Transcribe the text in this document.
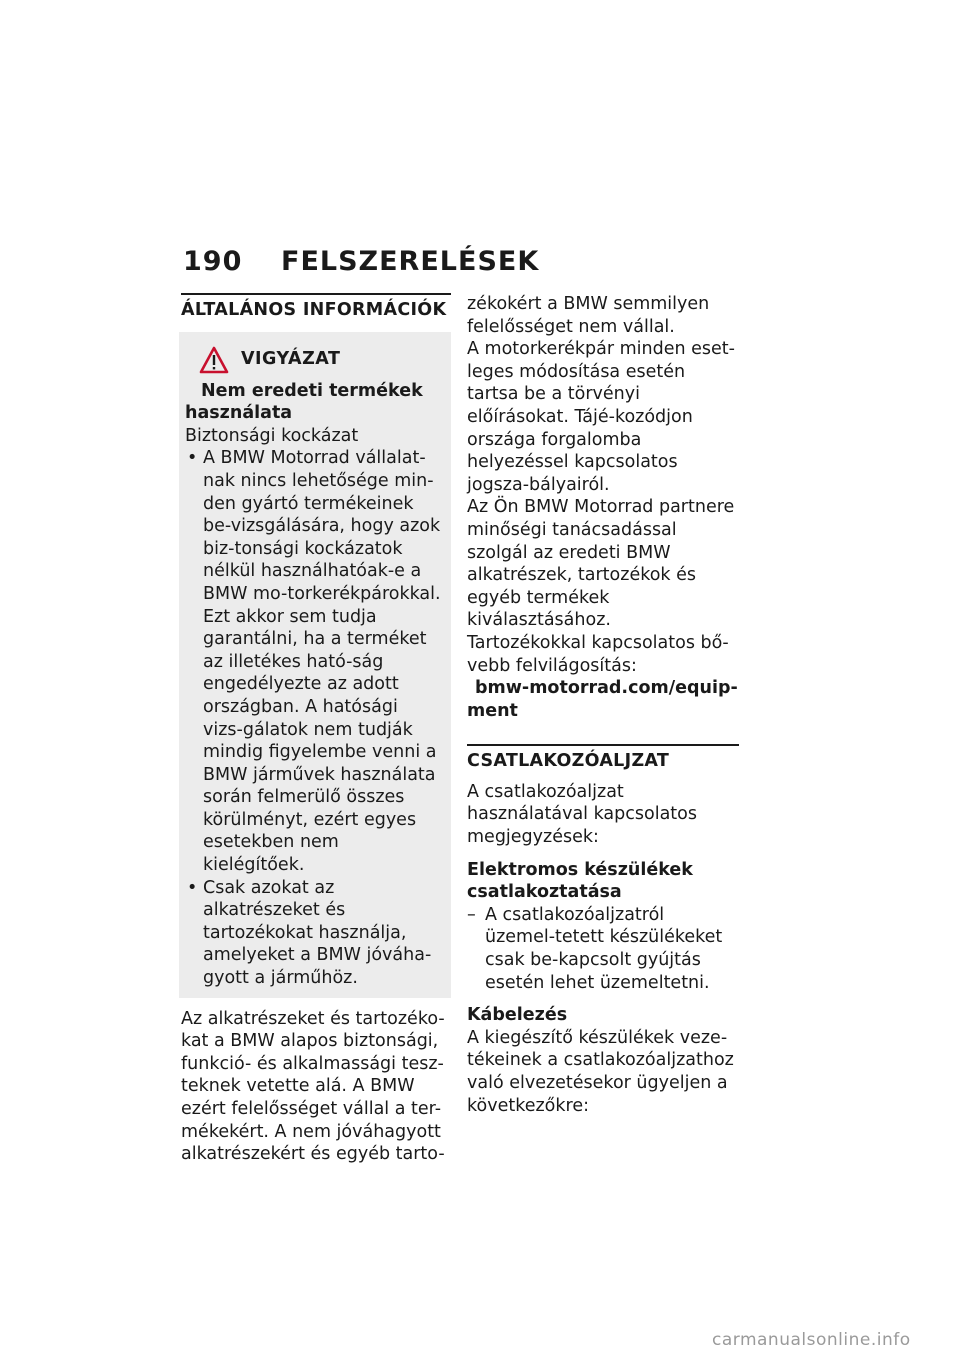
190 FELSZERELÉSEK
ÁLTALÁNOS INFORMÁCIÓK
VIGYÁZAT
Nem eredeti termékek
használata
Biztonsági kockázat
• A BMW Motorrad vállalat-nak nincs lehetősége min-den gyártó termékeinek be-vizsgálására, hogy azok biz-tonsági kockázatok nélkül használhatóak-e a BMW mo-torkerékpárokkal. Ezt akkor sem tudja garantálni, ha a terméket az illetékes ható-ság engedélyezte az adott országban. A hatósági vizs-gálatok nem tudják mindig figyelembe venni a BMW járművek használata során felmerülő összes körülményt, ezért egyes esetekben nem kielégítőek.
• Csak azokat az alkatrészeket és tartozékokat használja, amelyeket a BMW jóváha-gyott a járműhöz.
Az alkatrészeket és tartozéko-kat a BMW alapos biztonsági, funkció- és alkalmassági tesz-teknek vetette alá. A BMW ezért felelősséget vállal a ter-mékekért. A nem jóváhagyott alkatrészekért és egyéb tarto-
zékokért a BMW semmilyen felelősséget nem vállal.
A motorkerékpár minden eset-leges módosítása esetén tartsa be a törvényi előírásokat. Tájé-kozódjon országa forgalomba helyezéssel kapcsolatos jogsza-bályairól.
Az Ön BMW Motorrad partnere minőségi tanácsadással szolgál az eredeti BMW alkatrészek, tartozékok és egyéb termékek kiválasztásához.
Tartozékokkal kapcsolatos bő-vebb felvilágosítás:
bmw-motorrad.com/equip-
ment
CSATLAKOZÓALJZAT
A csatlakozóaljzat használatával kapcsolatos megjegyzések:
Elektromos készülékek csatlakoztatása
– A csatlakozóaljzatról üzemel-tetett készülékeket csak be-kapcsolt gyújtás esetén lehet üzemeltetni.
Kábelezés
A kiegészítő készülékek veze-tékeinek a csatlakozóaljzathoz való elvezetésekor ügyeljen a következőkre:
carmanualsonline.info
